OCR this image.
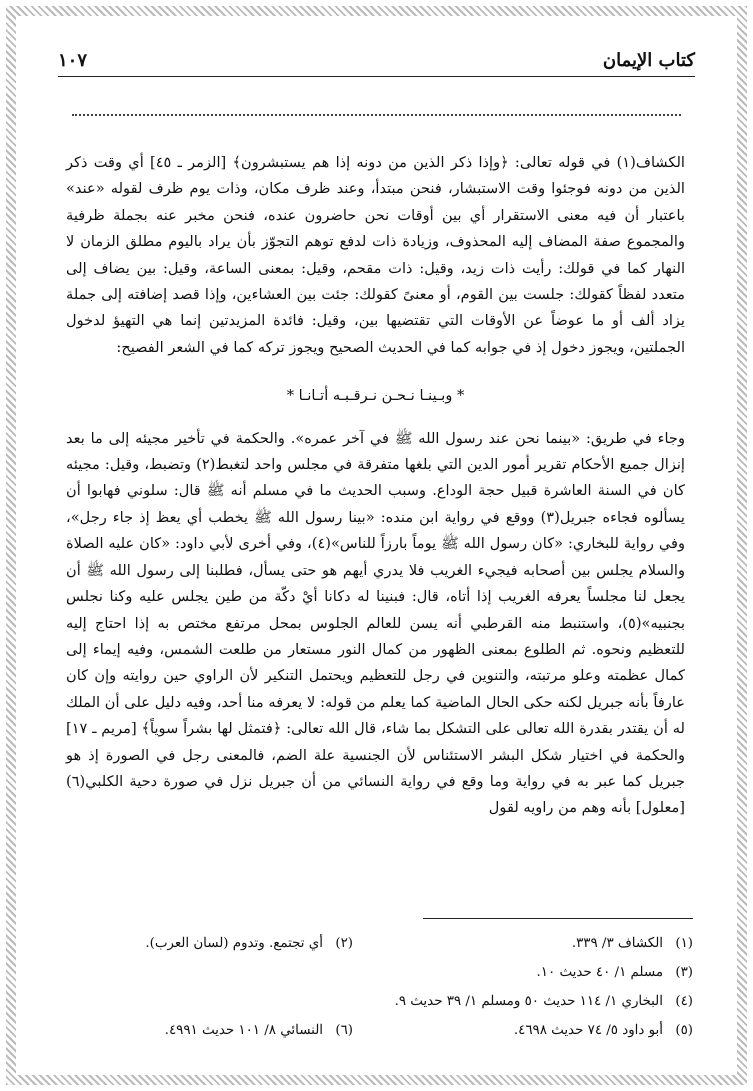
كتاب الإيمان
١٠٧

الكشاف(١) في قوله تعالى: ﴿وإذا ذكر الذين من دونه إذا هم يستبشرون﴾ [الزمر ـ ٤٥] أي وقت ذكر الذين من دونه فوجئوا وقت الاستبشار، فنحن مبتدأ، وعند ظرف مكان، وذات يوم ظرف لقوله «عند» باعتبار أن فيه معنى الاستقرار أي بين أوقات نحن حاضرون عنده، فنحن مخبر عنه بجملة ظرفية والمجموع صفة المضاف إليه المحذوف، وزيادة ذات لدفع توهم التجوّز بأن يراد باليوم مطلق الزمان لا النهار كما في قولك: رأيت ذات زيد، وقيل: ذات مقحم، وقيل: بمعنى الساعة، وقيل: بين يضاف إلى متعدد لفظاً كقولك: جلست بين القوم، أو معنىً كقولك: جئت بين العشاءين، وإذا قصد إضافته إلى جملة يزاد ألف أو ما عوضاً عن الأوقات التي تقتضيها بين، وقيل: فائدة المزيدتين إنما هي التهيؤ لدخول الجملتين، ويجوز دخول إذ في جوابه كما في الحديث الصحيح ويجوز تركه كما في الشعر الفصيح:

* وبـينـا نـحـن نـرقـبـه أتـانـا *

وجاء في طريق: «بينما نحن عند رسول الله ﷺ في آخر عمره». والحكمة في تأخير مجيئه إلى ما بعد إنزال جميع الأحكام تقرير أمور الدين التي بلغها متفرقة في مجلس واحد لتغبط(٢) وتضبط، وقيل: مجيئه كان في السنة العاشرة قبيل حجة الوداع. وسبب الحديث ما في مسلم أنه ﷺ قال: سلوني فهابوا أن يسألوه فجاءه جبريل(٣) ووقع في رواية ابن منده: «بينا رسول الله ﷺ يخطب أي يعظ إذ جاء رجل»، وفي رواية للبخاري: «كان رسول الله ﷺ يوماً بارزاً للناس»(٤)، وفي أخرى لأبي داود: «كان عليه الصلاة والسلام يجلس بين أصحابه فيجيء الغريب فلا يدري أيهم هو حتى يسأل، فطلبنا إلى رسول الله ﷺ أن يجعل لنا مجلساً يعرفه الغريب إذا أتاه، قال: فبنينا له دكانا أيْ دكّة من طين يجلس عليه وكنا نجلس بجنبيه»(٥)، واستنبط منه القرطبي أنه يسن للعالم الجلوس بمحل مرتفع مختص به إذا احتاج إليه للتعظيم ونحوه. ثم الطلوع بمعنى الظهور من كمال النور مستعار من طلعت الشمس، وفيه إيماء إلى كمال عظمته وعلو مرتبته، والتنوين في رجل للتعظيم ويحتمل التنكير لأن الراوي حين روايته وإن كان عارفاً بأنه جبريل لكنه حكى الحال الماضية كما يعلم من قوله: لا يعرفه منا أحد، وفيه دليل على أن الملك له أن يقتدر بقدرة الله تعالى على التشكل بما شاء، قال الله تعالى: ﴿فتمثل لها بشراً سوياً﴾ [مريم ـ ١٧] والحكمة في اختيار شكل البشر الاستئناس لأن الجنسية علة الضم، فالمعنى رجل في الصورة إذ هو جبريل كما عبر به في رواية وما وقع في رواية النسائي من أن جبريل نزل في صورة دحية الكلبي(٦) [معلول] بأنه وهم من راويه لقول

(١)
الكشاف ٣/ ٣٣٩.
(٢)
أي تجتمع. وتدوم (لسان العرب).
(٣)
مسلم ١/ ٤٠ حديث ١٠.
(٤)
البخاري ١/ ١١٤ حديث ٥٠ ومسلم ١/ ٣٩ حديث ٩.
(٥)
أبو داود ٥/ ٧٤ حديث ٤٦٩٨.
(٦)
النسائي ٨/ ١٠١ حديث ٤٩٩١.
